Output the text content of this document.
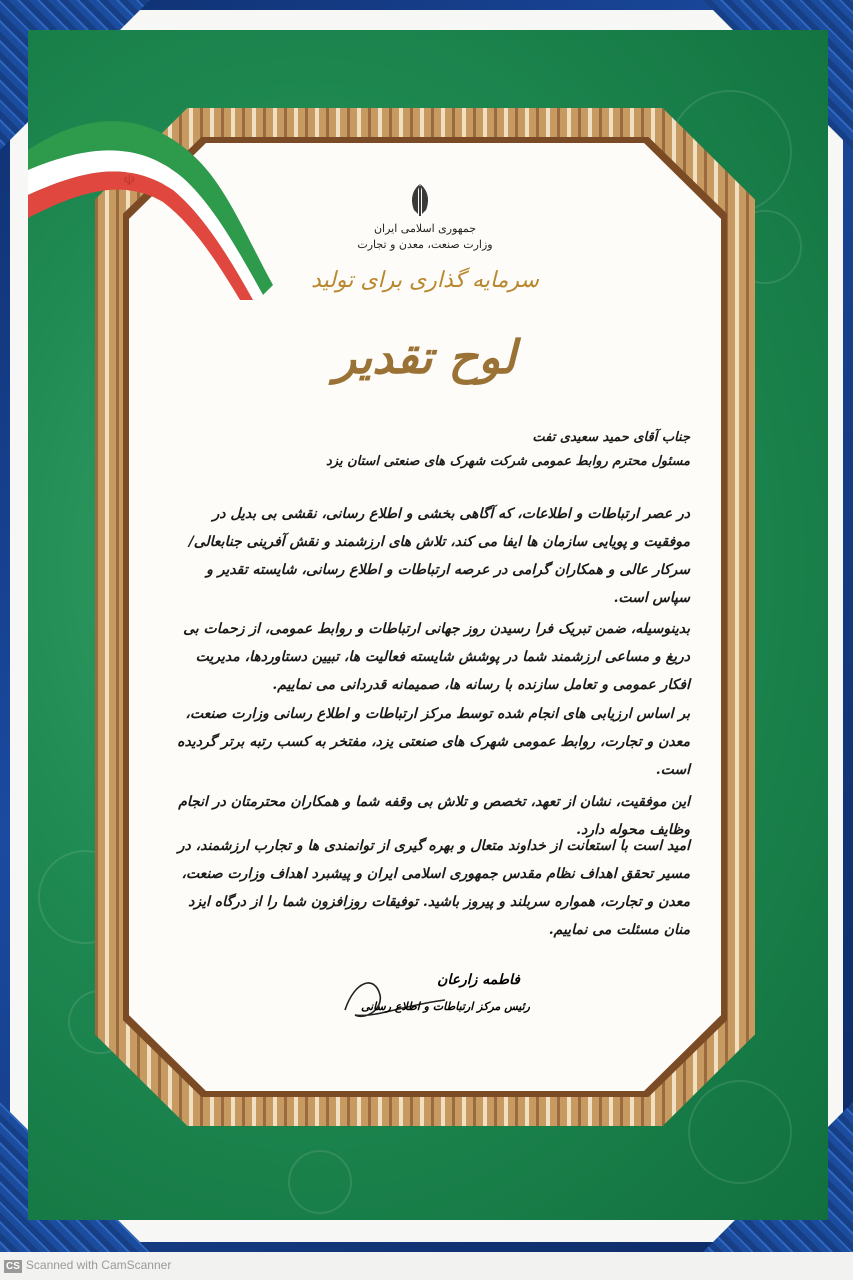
☫
جمهوری اسلامی ایران
وزارت صنعت، معدن و تجارت
سرمایه گذاری برای تولید
لوح تقدیر
جناب آقای حمید سعیدی تفت
مسئول محترم روابط عمومی شرکت شهرک های صنعتی استان یزد
در عصر ارتباطات و اطلاعات، که آگاهی بخشی و اطلاع رسانی، نقشی بی بدیل در موفقیت و پویایی سازمان ها ایفا می کند، تلاش های ارزشمند و نقش آفرینی جنابعالی/سرکار عالی و همکاران گرامی در عرصه ارتباطات و اطلاع رسانی، شایسته تقدیر و سپاس است.
بدینوسیله، ضمن تبریک فرا رسیدن روز جهانی ارتباطات و روابط عمومی، از زحمات بی دریغ و مساعی ارزشمند شما در پوشش شایسته فعالیت ها، تبیین دستاوردها، مدیریت افکار عمومی و تعامل سازنده با رسانه ها، صمیمانه قدردانی می نماییم.
بر اساس ارزیابی های انجام شده توسط مرکز ارتباطات و اطلاع رسانی وزارت صنعت، معدن و تجارت، روابط عمومی شهرک های صنعتی یزد، مفتخر به کسب رتبه برتر گردیده است.
این موفقیت، نشان از تعهد، تخصص و تلاش بی وقفه شما و همکاران محترمتان در انجام وظایف محوله دارد.
امید است با استعانت از خداوند متعال و بهره گیری از توانمندی ها و تجارب ارزشمند، در مسیر تحقق اهداف نظام مقدس جمهوری اسلامی ایران و پیشبرد اهداف وزارت صنعت، معدن و تجارت، همواره سربلند و پیروز باشید. توفیقات روزافزون شما را از درگاه ایزد منان مسئلت می نماییم.
فاطمه زارعان
رئیس مرکز ارتباطات و اطلاع رسانی
CS Scanned with CamScanner
